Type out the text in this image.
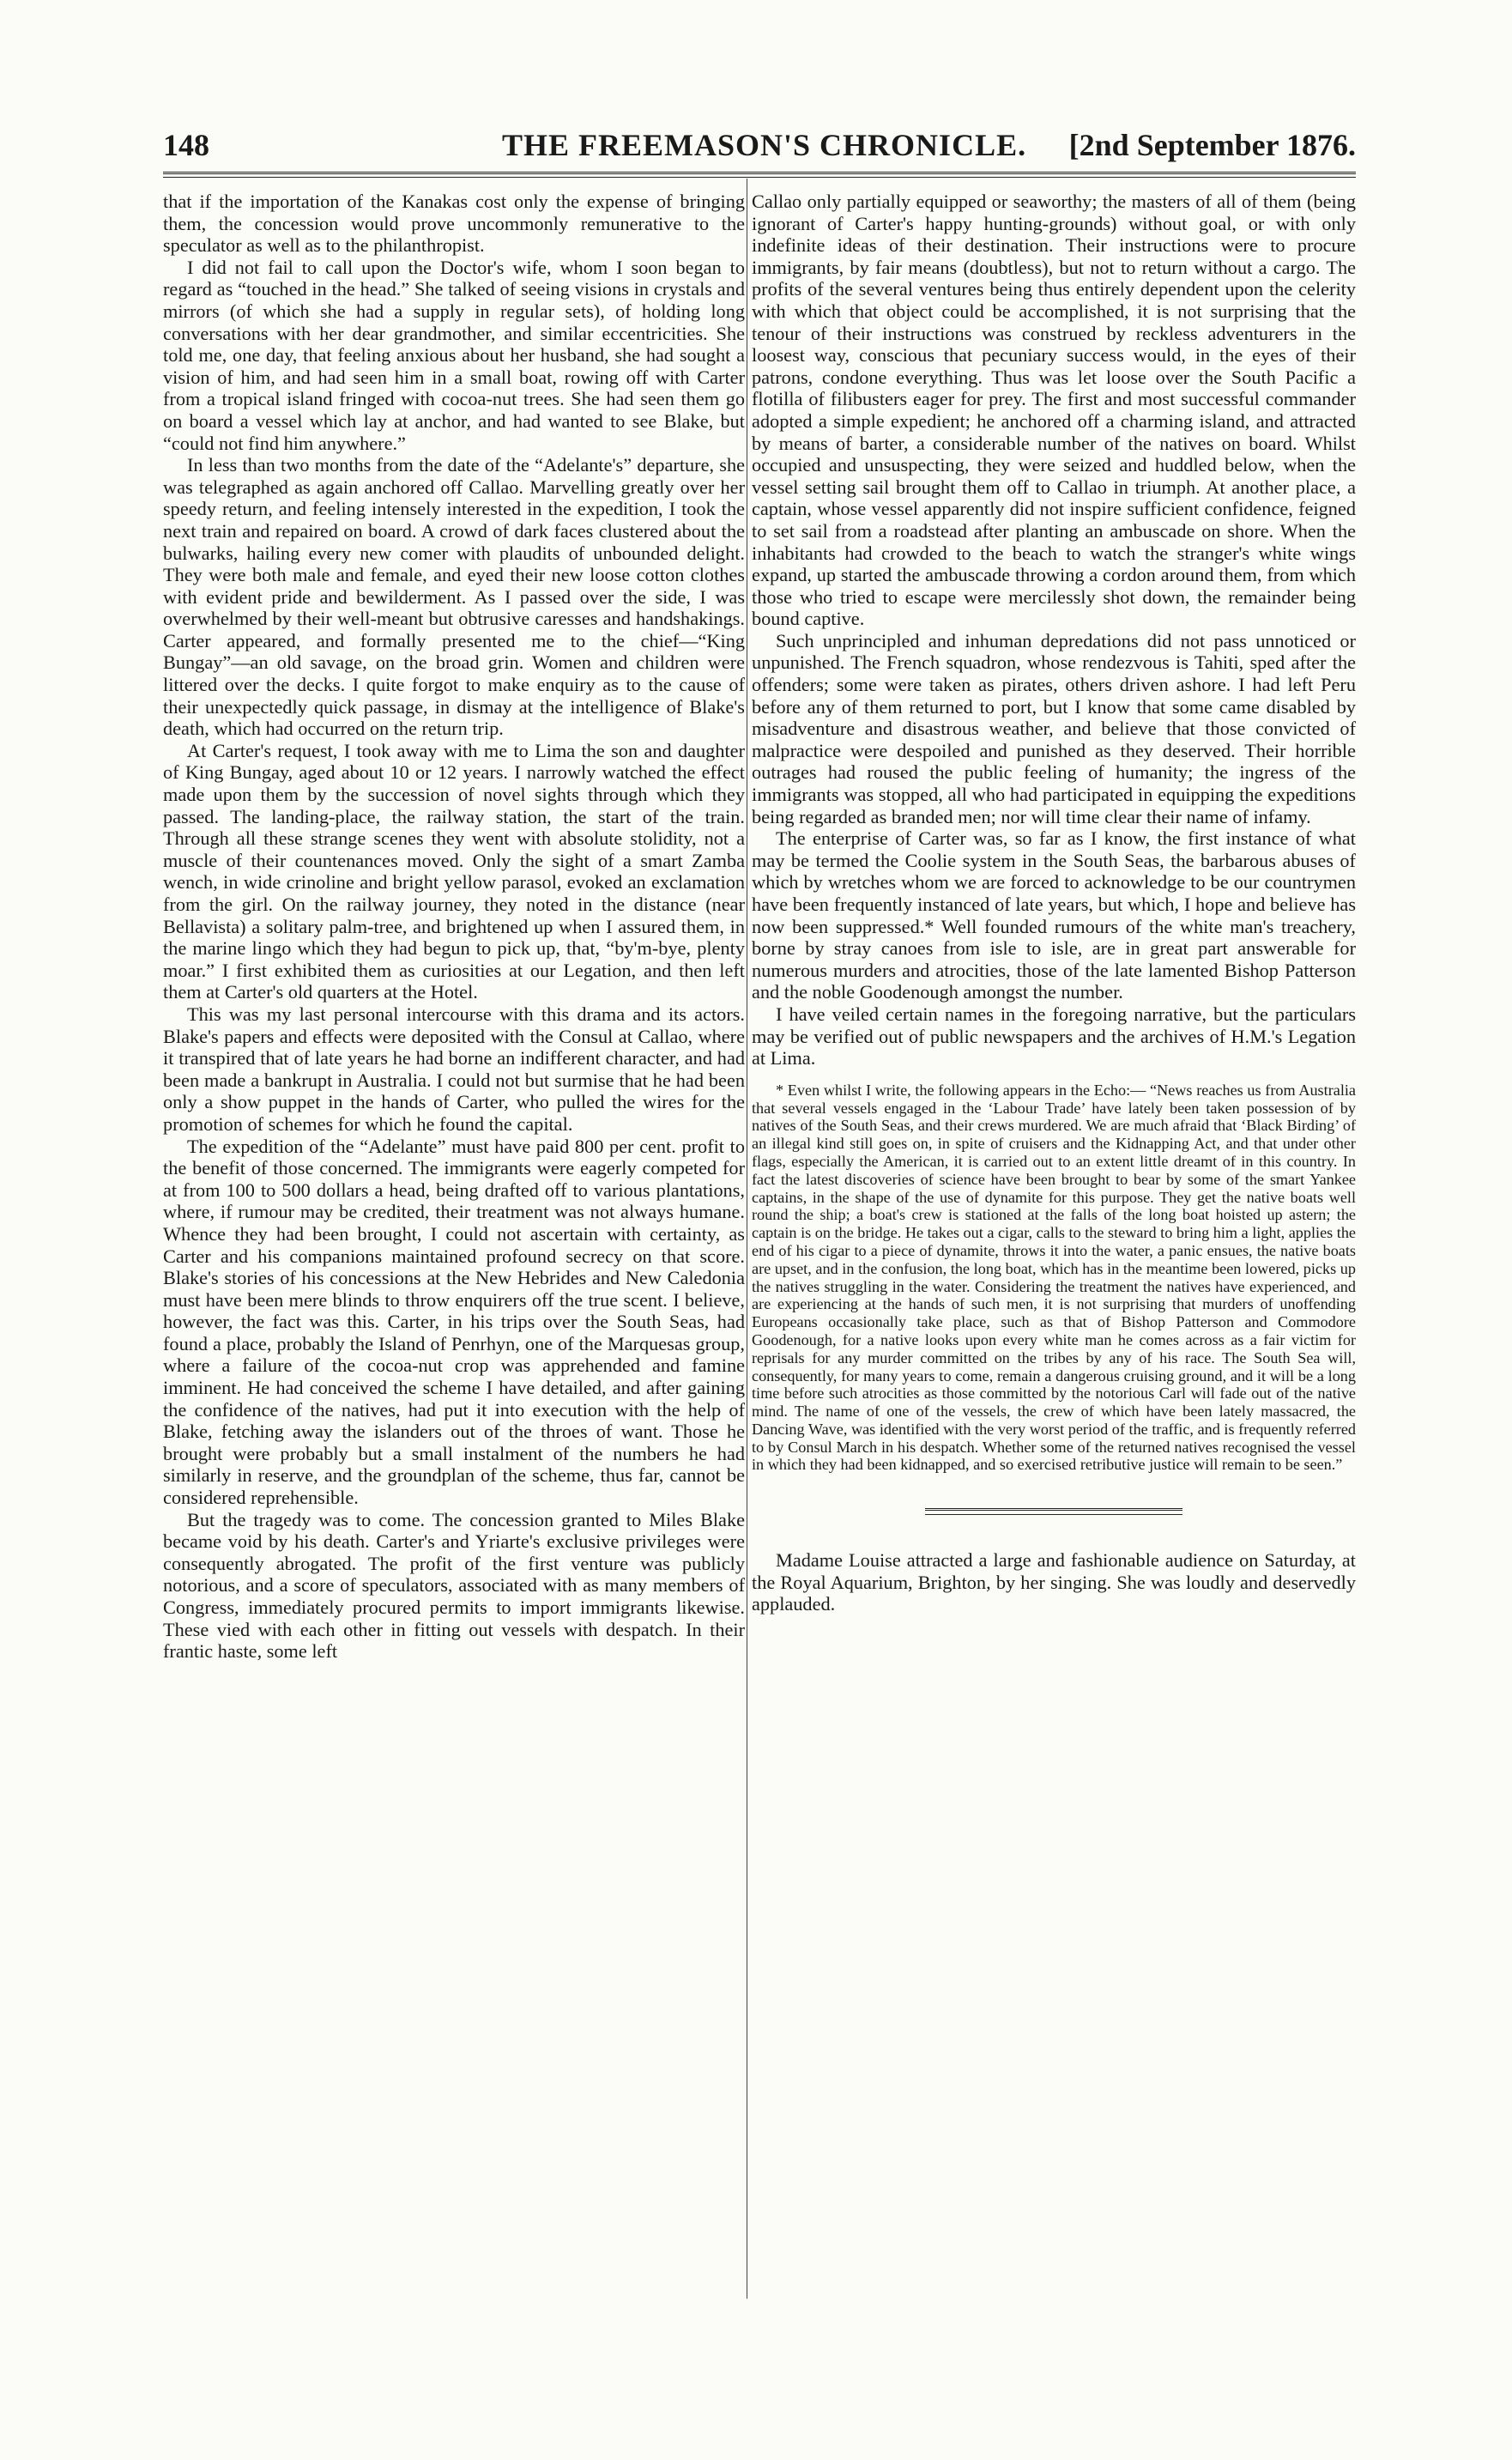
148	THE FREEMASON'S CHRONICLE. [2nd September 1876.

that if the importation of the Kanakas cost only the expense of bringing them, the concession would prove uncommonly remunerative to the speculator as well as to the philanthropist.

I did not fail to call upon the Doctor's wife, whom I soon began to regard as “touched in the head.” She talked of seeing visions in crystals and mirrors (of which she had a supply in regular sets), of holding long conversations with her dear grandmother, and similar eccentricities. She told me, one day, that feeling anxious about her husband, she had sought a vision of him, and had seen him in a small boat, rowing off with Carter from a tropical island fringed with cocoa-nut trees. She had seen them go on board a vessel which lay at anchor, and had wanted to see Blake, but “could not find him anywhere.”

In less than two months from the date of the “Adelante's” departure, she was telegraphed as again anchored off Callao. Marvelling greatly over her speedy return, and feeling intensely interested in the expedition, I took the next train and repaired on board. A crowd of dark faces clustered about the bulwarks, hailing every new comer with plaudits of unbounded delight. They were both male and female, and eyed their new loose cotton clothes with evident pride and bewilderment. As I passed over the side, I was overwhelmed by their well-meant but obtrusive caresses and handshakings. Carter appeared, and formally presented me to the chief—“King Bungay”—an old savage, on the broad grin. Women and children were littered over the decks. I quite forgot to make enquiry as to the cause of their unexpectedly quick passage, in dismay at the intelligence of Blake's death, which had occurred on the return trip.

At Carter's request, I took away with me to Lima the son and daughter of King Bungay, aged about 10 or 12 years. I narrowly watched the effect made upon them by the succession of novel sights through which they passed. The landing-place, the railway station, the start of the train. Through all these strange scenes they went with absolute stolidity, not a muscle of their countenances moved. Only the sight of a smart Zamba wench, in wide crinoline and bright yellow parasol, evoked an exclamation from the girl. On the railway journey, they noted in the distance (near Bellavista) a solitary palm-tree, and brightened up when I assured them, in the marine lingo which they had begun to pick up, that, “by'm-bye, plenty moar.” I first exhibited them as curiosities at our Legation, and then left them at Carter's old quarters at the Hotel.

This was my last personal intercourse with this drama and its actors. Blake's papers and effects were deposited with the Consul at Callao, where it transpired that of late years he had borne an indifferent character, and had been made a bankrupt in Australia. I could not but surmise that he had been only a show puppet in the hands of Carter, who pulled the wires for the promotion of schemes for which he found the capital.

The expedition of the “Adelante” must have paid 800 per cent. profit to the benefit of those concerned. The immigrants were eagerly competed for at from 100 to 500 dollars a head, being drafted off to various plantations, where, if rumour may be credited, their treatment was not always humane. Whence they had been brought, I could not ascertain with certainty, as Carter and his companions maintained profound secrecy on that score. Blake's stories of his concessions at the New Hebrides and New Caledonia must have been mere blinds to throw enquirers off the true scent. I believe, however, the fact was this. Carter, in his trips over the South Seas, had found a place, probably the Island of Penrhyn, one of the Marquesas group, where a failure of the cocoa-nut crop was apprehended and famine imminent. He had conceived the scheme I have detailed, and after gaining the confidence of the natives, had put it into execution with the help of Blake, fetching away the islanders out of the throes of want. Those he brought were probably but a small instalment of the numbers he had similarly in reserve, and the groundplan of the scheme, thus far, cannot be considered reprehensible.

But the tragedy was to come. The concession granted to Miles Blake became void by his death. Carter's and Yriarte's exclusive privileges were consequently abrogated. The profit of the first venture was publicly notorious, and a score of speculators, associated with as many members of Congress, immediately procured permits to import immigrants likewise. These vied with each other in fitting out vessels with despatch. In their frantic haste, some left

Callao only partially equipped or seaworthy; the masters of all of them (being ignorant of Carter's happy hunting-grounds) without goal, or with only indefinite ideas of their destination. Their instructions were to procure immigrants, by fair means (doubtless), but not to return without a cargo. The profits of the several ventures being thus entirely dependent upon the celerity with which that object could be accomplished, it is not surprising that the tenour of their instructions was construed by reckless adventurers in the loosest way, conscious that pecuniary success would, in the eyes of their patrons, condone everything. Thus was let loose over the South Pacific a flotilla of filibusters eager for prey. The first and most successful commander adopted a simple expedient; he anchored off a charming island, and attracted by means of barter, a considerable number of the natives on board. Whilst occupied and unsuspecting, they were seized and huddled below, when the vessel setting sail brought them off to Callao in triumph. At another place, a captain, whose vessel apparently did not inspire sufficient confidence, feigned to set sail from a roadstead after planting an ambuscade on shore. When the inhabitants had crowded to the beach to watch the stranger's white wings expand, up started the ambuscade throwing a cordon around them, from which those who tried to escape were mercilessly shot down, the remainder being bound captive.

Such unprincipled and inhuman depredations did not pass unnoticed or unpunished. The French squadron, whose rendezvous is Tahiti, sped after the offenders; some were taken as pirates, others driven ashore. I had left Peru before any of them returned to port, but I know that some came disabled by misadventure and disastrous weather, and believe that those convicted of malpractice were despoiled and punished as they deserved. Their horrible outrages had roused the public feeling of humanity; the ingress of the immigrants was stopped, all who had participated in equipping the expeditions being regarded as branded men; nor will time clear their name of infamy.

The enterprise of Carter was, so far as I know, the first instance of what may be termed the Coolie system in the South Seas, the barbarous abuses of which by wretches whom we are forced to acknowledge to be our countrymen have been frequently instanced of late years, but which, I hope and believe has now been suppressed.* Well founded rumours of the white man's treachery, borne by stray canoes from isle to isle, are in great part answerable for numerous murders and atrocities, those of the late lamented Bishop Patterson and the noble Goodenough amongst the number.

I have veiled certain names in the foregoing narrative, but the particulars may be verified out of public newspapers and the archives of H.M.'s Legation at Lima.

* Even whilst I write, the following appears in the Echo:— “News reaches us from Australia that several vessels engaged in the ‘Labour Trade’ have lately been taken possession of by natives of the South Seas, and their crews murdered. We are much afraid that ‘Black Birding’ of an illegal kind still goes on, in spite of cruisers and the Kidnapping Act, and that under other flags, especially the American, it is carried out to an extent little dreamt of in this country. In fact the latest discoveries of science have been brought to bear by some of the smart Yankee captains, in the shape of the use of dynamite for this purpose. They get the native boats well round the ship; a boat's crew is stationed at the falls of the long boat hoisted up astern; the captain is on the bridge. He takes out a cigar, calls to the steward to bring him a light, applies the end of his cigar to a piece of dynamite, throws it into the water, a panic ensues, the native boats are upset, and in the confusion, the long boat, which has in the meantime been lowered, picks up the natives struggling in the water. Considering the treatment the natives have experienced, and are experiencing at the hands of such men, it is not surprising that murders of unoffending Europeans occasionally take place, such as that of Bishop Patterson and Commodore Goodenough, for a native looks upon every white man he comes across as a fair victim for reprisals for any murder committed on the tribes by any of his race. The South Sea will, consequently, for many years to come, remain a dangerous cruising ground, and it will be a long time before such atrocities as those committed by the notorious Carl will fade out of the native mind. The name of one of the vessels, the crew of which have been lately massacred, the Dancing Wave, was identified with the very worst period of the traffic, and is frequently referred to by Consul March in his despatch. Whether some of the returned natives recognised the vessel in which they had been kidnapped, and so exercised retributive justice will remain to be seen.”

Madame Louise attracted a large and fashionable audience on Saturday, at the Royal Aquarium, Brighton, by her singing. She was loudly and deservedly applauded.
